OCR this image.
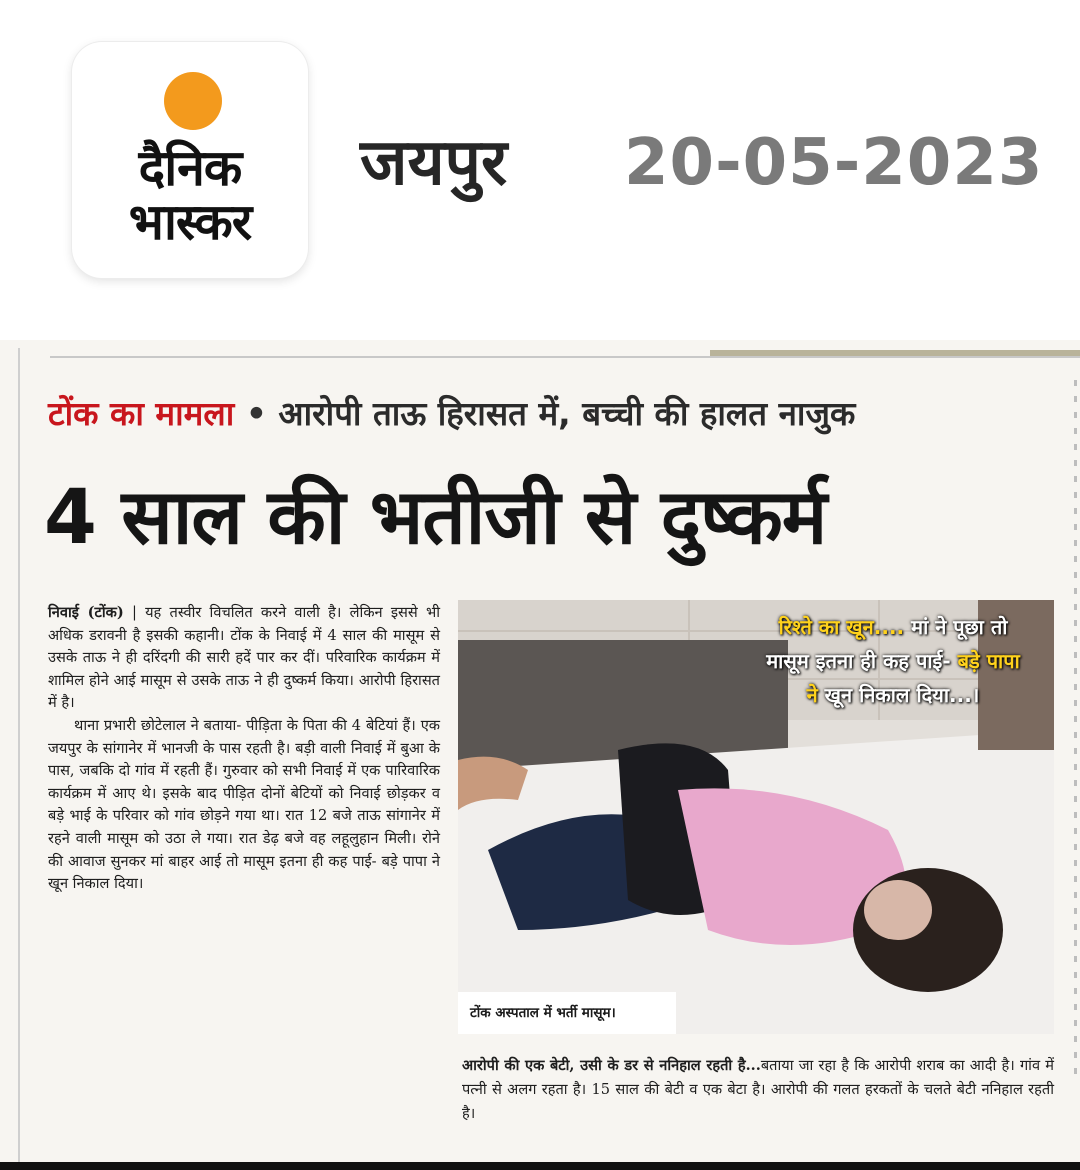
दैनिक
भास्कर
जयपुर 20-05-2023
टोंक का मामला • आरोपी ताऊ हिरासत में, बच्ची की हालत नाजुक
4 साल की भतीजी से दुष्कर्म

निवाई (टोंक) | यह तस्वीर विचलित करने वाली है। लेकिन इससे भी अधिक डरावनी है इसकी कहानी। टोंक के निवाई में 4 साल की मासूम से उसके ताऊ ने ही दरिंदगी की सारी हदें पार कर दीं। परिवारिक कार्यक्रम में शामिल होने आई मासूम से उसके ताऊ ने ही दुष्कर्म किया। आरोपी हिरासत में है।

थाना प्रभारी छोटेलाल ने बताया- पीड़िता के पिता की 4 बेटियां हैं। एक जयपुर के सांगानेर में भानजी के पास रहती है। बड़ी वाली निवाई में बुआ के पास, जबकि दो गांव में रहती हैं। गुरुवार को सभी निवाई में एक पारिवारिक कार्यक्रम में आए थे। इसके बाद पीड़ित दोनों बेटियों को निवाई छोड़कर व बड़े भाई के परिवार को गांव छोड़ने गया था। रात 12 बजे ताऊ सांगानेर में रहने वाली मासूम को उठा ले गया। रात डेढ़ बजे वह लहूलुहान मिली। रोने की आवाज सुनकर मां बाहर आई तो मासूम इतना ही कह पाई- बड़े पापा ने खून निकाल दिया।

रिश्ते का खून.... मां ने पूछा तो मासूम इतना ही कह पाई- बड़े पापा ने खून निकाल दिया...।
टोंक अस्पताल में भर्ती मासूम।
आरोपी की एक बेटी, उसी के डर से ननिहाल रहती है...बताया जा रहा है कि आरोपी शराब का आदी है। गांव में पत्नी से अलग रहता है। 15 साल की बेटी व एक बेटा है। आरोपी की गलत हरकतों के चलते बेटी ननिहाल रहती है।
